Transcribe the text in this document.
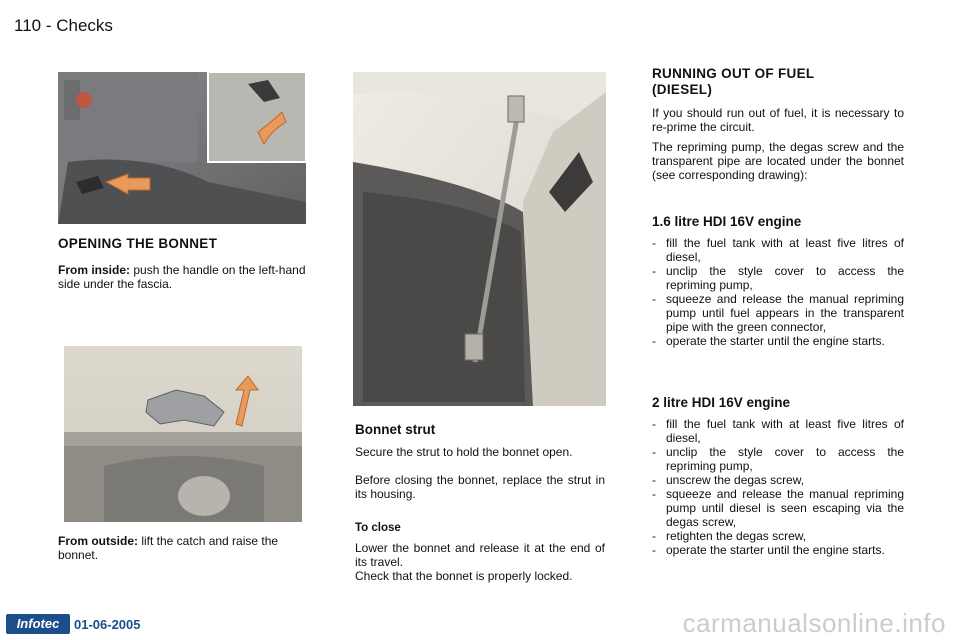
110 - Checks
OPENING THE BONNET
From inside: push the handle on the left-hand side under the fascia.
From outside: lift the catch and raise the bonnet.
Bonnet strut
Secure the strut to hold the bonnet open.
Before closing the bonnet, replace the strut in its housing.
To close
Lower the bonnet and release it at the end of its travel.
Check that the bonnet is properly locked.
RUNNING OUT OF FUEL
(DIESEL)
If you should run out of fuel, it is necessary to re-prime the circuit.
The repriming pump, the degas screw and the transparent pipe are located under the bonnet (see corresponding drawing):
1.6 litre HDI 16V engine
- fill the fuel tank with at least five litres of diesel,
- unclip the style cover to access the repriming pump,
- squeeze and release the manual repriming pump until fuel appears in the transparent pipe with the green connector,
- operate the starter until the engine starts.
2 litre HDI 16V engine
- fill the fuel tank with at least five litres of diesel,
- unclip the style cover to access the repriming pump,
- unscrew the degas screw,
- squeeze and release the manual repriming pump until diesel is seen escaping via the degas screw,
- retighten the degas screw,
- operate the starter until the engine starts.
Infotec	01-06-2005	carmanualsonline.info
